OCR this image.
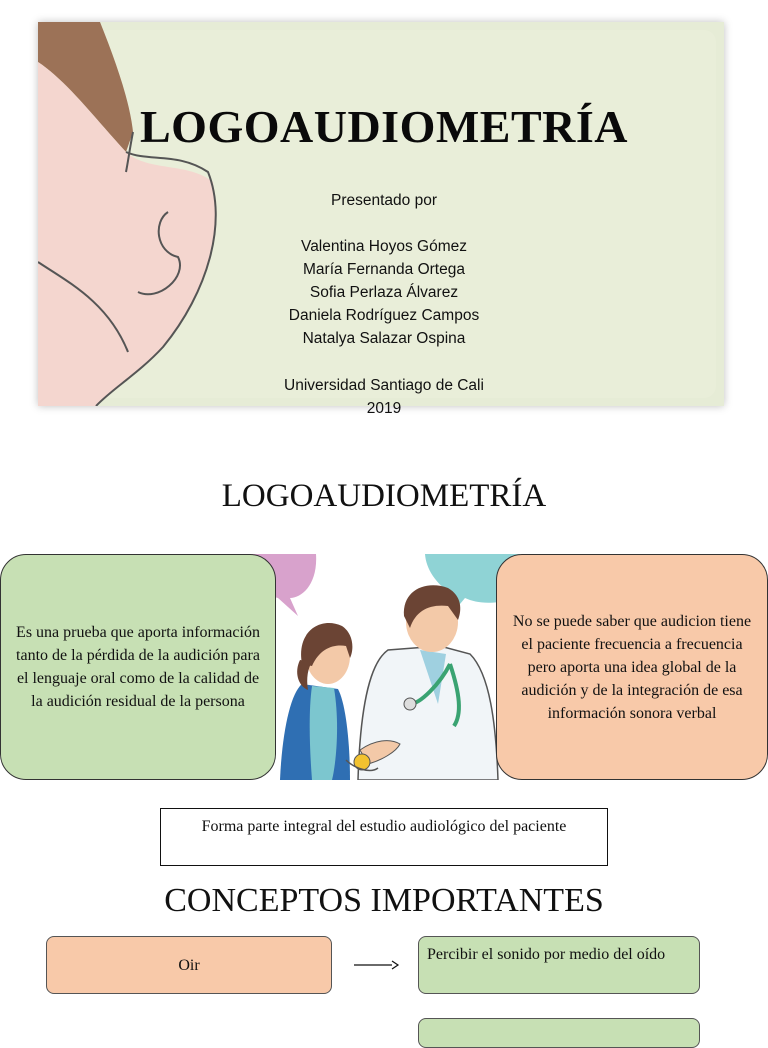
LOGOAUDIOMETRÍA
Presentado por
Valentina Hoyos Gómez
María Fernanda Ortega
Sofia Perlaza Álvarez
Daniela Rodríguez Campos
Natalya Salazar Ospina
Universidad Santiago de Cali
2019
LOGOAUDIOMETRÍA
Es una prueba que aporta información tanto de la pérdida de la audición para el lenguaje oral como de la calidad de la audición residual de la persona
No se puede saber que audicion tiene el paciente frecuencia a frecuencia pero aporta una idea global de la audición y de la integración de esa información sonora verbal
Forma parte integral del estudio audiológico del paciente
CONCEPTOS IMPORTANTES
Oir
Percibir el sonido por medio del oído
